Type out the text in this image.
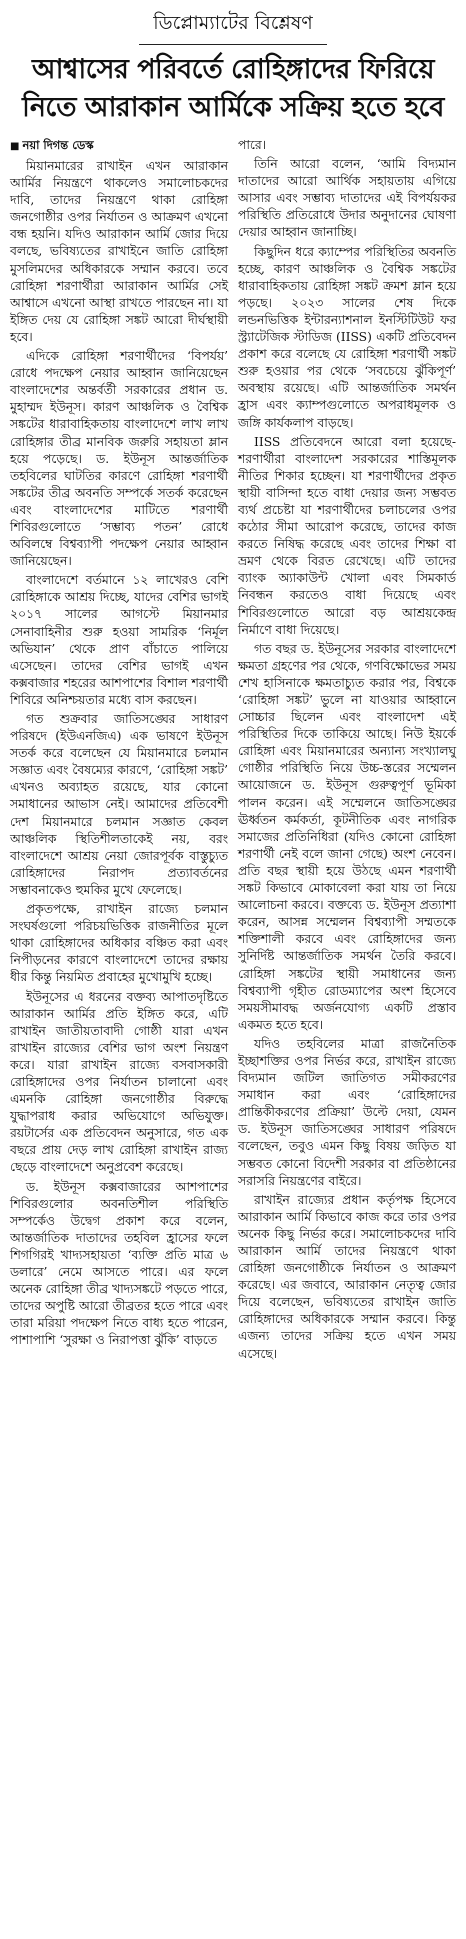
ডিপ্লোম্যাটের বিশ্লেষণ
আশ্বাসের পরিবর্তে রোহিঙ্গাদের ফিরিয়ে
নিতে আরাকান আর্মিকে সক্রিয় হতে হবে
■ নয়া দিগন্ত ডেস্ক

মিয়ানমারের রাখাইন এখন আরাকান আর্মির নিয়ন্ত্রণে থাকলেও সমালোচকদের দাবি, তাদের নিয়ন্ত্রণে থাকা রোহিঙ্গা জনগোষ্ঠীর ওপর নির্যাতন ও আক্রমণ এখনো বন্ধ হয়নি। যদিও আরাকান আর্মি জোর দিয়ে বলছে, ভবিষ্যতের রাখাইনে জাতি রোহিঙ্গা মুসলিমদের অধিকারকে সম্মান করবে। তবে রোহিঙ্গা শরণার্থীরা আরাকান আর্মির সেই আশ্বাসে এখনো আস্থা রাখতে পারছেন না। যা ইঙ্গিত দেয় যে রোহিঙ্গা সঙ্কট আরো দীর্ঘস্থায়ী হবে।

এদিকে রোহিঙ্গা শরণার্থীদের ‘বিপর্যয়’ রোধে পদক্ষেপ নেয়ার আহ্বান জানিয়েছেন বাংলাদেশের অন্তর্বর্তী সরকারের প্রধান ড. মুহাম্মদ ইউনূস। কারণ আঞ্চলিক ও বৈশ্বিক সঙ্কটের ধারাবাহিকতায় বাংলাদেশে লাখ লাখ রোহিঙ্গার তীব্র মানবিক জরুরি সহায়তা ম্লান হয়ে পড়েছে। ড. ইউনূস আন্তর্জাতিক তহবিলের ঘাটতির কারণে রোহিঙ্গা শরণার্থী সঙ্কটের তীব্র অবনতি সম্পর্কে সতর্ক করেছেন এবং বাংলাদেশের মাটিতে শরণার্থী শিবিরগুলোতে ‘সম্ভাব্য পতন’ রোধে অবিলম্বে বিশ্বব্যাপী পদক্ষেপ নেয়ার আহ্বান জানিয়েছেন।

বাংলাদেশে বর্তমানে ১২ লাখেরও বেশি রোহিঙ্গাকে আশ্রয় দিচ্ছে, যাদের বেশির ভাগই ২০১৭ সালের আগস্টে মিয়ানমার সেনাবাহিনীর শুরু হওয়া সামরিক ‘নির্মূল অভিযান’ থেকে প্রাণ বাঁচাতে পালিয়ে এসেছেন। তাদের বেশির ভাগই এখন কক্সবাজার শহরের আশপাশের বিশাল শরণার্থী শিবিরে অনিশ্চয়তার মধ্যে বাস করছেন।

গত শুক্রবার জাতিসঙ্ঘের সাধারণ পরিষদে (ইউএনজিএ) এক ভাষণে ইউনূস সতর্ক করে বলেছেন যে মিয়ানমারে চলমান সজ্ঞাত এবং বৈষম্যের কারণে, ‘রোহিঙ্গা সঙ্কট’ এখনও অব্যাহত রয়েছে, যার কোনো সমাধানের আভাস নেই। আমাদের প্রতিবেশী দেশ মিয়ানমারে চলমান সজ্ঞাত কেবল আঞ্চলিক স্থিতিশীলতাকেই নয়, বরং বাংলাদেশে আশ্রয় নেয়া জোরপূর্বক বাস্তুচ্যুত রোহিঙ্গাদের নিরাপদ প্রত্যাবর্তনের সম্ভাবনাকেও হুমকির মুখে ফেলেছে।

প্রকৃতপক্ষে, রাখাইন রাজ্যে চলমান সংঘর্ষগুলো পরিচয়ভিত্তিক রাজনীতির মূলে থাকা রোহিঙ্গাদের অধিকার বঞ্চিত করা এবং নিপীড়নের কারণে বাংলাদেশে তাদের রক্ষায় ধীর কিন্তু নিয়মিত প্রবাহের মুখোমুখি হচ্ছে।

ইউনূসের এ ধরনের বক্তব্য আপাতদৃষ্টিতে আরাকান আর্মির প্রতি ইঙ্গিত করে, এটি রাখাইন জাতীয়তাবাদী গোষ্ঠী যারা এখন রাখাইন রাজ্যের বেশির ভাগ অংশ নিয়ন্ত্রণ করে। যারা রাখাইন রাজ্যে বসবাসকারী রোহিঙ্গাদের ওপর নির্যাতন চালানো এবং এমনকি রোহিঙ্গা জনগোষ্ঠীর বিরুদ্ধে যুদ্ধাপরাধ করার অভিযোগে অভিযুক্ত। রয়টার্সের এক প্রতিবেদন অনুসারে, গত এক বছরে প্রায় দেড় লাখ রোহিঙ্গা রাখাইন রাজ্য ছেড়ে বাংলাদেশে অনুপ্রবেশ করেছে।

ড. ইউনূস কক্সবাজারের আশপাশের শিবিরগুলোর অবনতিশীল পরিস্থিতি সম্পর্কেও উদ্বেগ প্রকাশ করে বলেন, আন্তর্জাতিক দাতাদের তহবিল হ্রাসের ফলে শিগগিরই খাদ্যসহায়তা ‘ব্যক্তি প্রতি মাত্র ৬ ডলারে’ নেমে আসতে পারে। এর ফলে অনেক রোহিঙ্গা তীব্র খাদ্যসঙ্কটে পড়তে পারে, তাদের অপুষ্টি আরো তীব্রতর হতে পারে এবং তারা মরিয়া পদক্ষেপ নিতে বাধ্য হতে পারেন, পাশাপাশি ‘সুরক্ষা ও নিরাপত্তা ঝুঁকি’ বাড়তে

পারে।

তিনি আরো বলেন, ‘আমি বিদ্যমান দাতাদের আরো আর্থিক সহায়তায় এগিয়ে আসার এবং সম্ভাব্য দাতাদের এই বিপর্যয়কর পরিস্থিতি প্রতিরোধে উদার অনুদানের ঘোষণা দেয়ার আহ্বান জানাচ্ছি।

কিছুদিন ধরে ক্যাম্পের পরিস্থিতির অবনতি হচ্ছে, কারণ আঞ্চলিক ও বৈশ্বিক সঙ্কটের ধারাবাহিকতায় রোহিঙ্গা সঙ্কট ক্রমশ ম্লান হয়ে পড়ছে। ২০২৩ সালের শেষ দিকে লন্ডনভিত্তিক ইন্টারন্যাশনাল ইনস্টিটিউট ফর স্ট্র্যাটেজিক স্টাডিজ (IISS) একটি প্রতিবেদন প্রকাশ করে বলেছে যে রোহিঙ্গা শরণার্থী সঙ্কট শুরু হওয়ার পর থেকে ‘সবচেয়ে ঝুঁকিপূর্ণ’ অবস্থায় রয়েছে। এটি আন্তর্জাতিক সমর্থন হ্রাস এবং ক্যাম্পগুলোতে অপরাধমূলক ও জঙ্গি কার্যকলাপ বাড়ছে।

IISS প্রতিবেদনে আরো বলা হয়েছে- শরণার্থীরা বাংলাদেশ সরকারের শাস্তিমূলক নীতির শিকার হচ্ছেন। যা শরণার্থীদের প্রকৃত স্থায়ী বাসিন্দা হতে বাধা দেয়ার জন্য সম্ভবত ব্যর্থ প্রচেষ্টা যা শরণার্থীদের চলাচলের ওপর কঠোর সীমা আরোপ করেছে, তাদের কাজ করতে নিষিদ্ধ করেছে এবং তাদের শিক্ষা বা ভ্রমণ থেকে বিরত রেখেছে। এটি তাদের ব্যাংক অ্যাকাউন্ট খোলা এবং সিমকার্ড নিবন্ধন করতেও বাধা দিয়েছে এবং শিবিরগুলোতে আরো বড় আশ্রয়কেন্দ্র নির্মাণে বাধা দিয়েছে।

গত বছর ড. ইউনূসের সরকার বাংলাদেশে ক্ষমতা গ্রহণের পর থেকে, গণবিক্ষোভের সময় শেখ হাসিনাকে ক্ষমতাচ্যুত করার পর, বিশ্বকে ‘রোহিঙ্গা সঙ্কট’ ভুলে না যাওয়ার আহ্বানে সোচ্চার ছিলেন এবং বাংলাদেশ এই পরিস্থিতির দিকে তাকিয়ে আছে। নিউ ইয়র্কে রোহিঙ্গা এবং মিয়ানমারের অন্যান্য সংখ্যালঘু গোষ্ঠীর পরিস্থিতি নিয়ে উচ্চ-স্তরের সম্মেলন আয়োজনে ড. ইউনূস গুরুত্বপূর্ণ ভূমিকা পালন করেন। এই সম্মেলনে জাতিসঙ্ঘের ঊর্ধ্বতন কর্মকর্তা, কূটনীতিক এবং নাগরিক সমাজের প্রতিনিধিরা (যদিও কোনো রোহিঙ্গা শরণার্থী নেই বলে জানা গেছে) অংশ নেবেন। প্রতি বছর স্থায়ী হয়ে উঠছে এমন শরণার্থী সঙ্কট কিভাবে মোকাবেলা করা যায় তা নিয়ে আলোচনা করবে। বক্তব্যে ড. ইউনূস প্রত্যাশা করেন, আসন্ন সম্মেলন বিশ্বব্যাপী সম্মতকে শক্তিশালী করবে এবং রোহিঙ্গাদের জন্য সুনির্দিষ্ট আন্তর্জাতিক সমর্থন তৈরি করবে। রোহিঙ্গা সঙ্কটের স্থায়ী সমাধানের জন্য বিশ্বব্যাপী গৃহীত রোডম্যাপের অংশ হিসেবে সময়সীমাবদ্ধ অর্জনযোগ্য একটি প্রস্তাব একমত হতে হবে।

যদিও তহবিলের মাত্রা রাজনৈতিক ইচ্ছাশক্তির ওপর নির্ভর করে, রাখাইন রাজ্যে বিদ্যমান জটিল জাতিগত সমীকরণের সমাধান করা এবং ‘রোহিঙ্গাদের প্রান্তিকীকরণের প্রক্রিয়া’ উল্টে দেয়া, যেমন ড. ইউনূস জাতিসঙ্ঘের সাধারণ পরিষদে বলেছেন, তবুও এমন কিছু বিষয় জড়িত যা সম্ভবত কোনো বিদেশী সরকার বা প্রতিষ্ঠানের সরাসরি নিয়ন্ত্রণের বাইরে।

রাখাইন রাজ্যের প্রধান কর্তৃপক্ষ হিসেবে আরাকান আর্মি কিভাবে কাজ করে তার ওপর অনেক কিছু নির্ভর করে। সমালোচকদের দাবি আরাকান আর্মি তাদের নিয়ন্ত্রণে থাকা রোহিঙ্গা জনগোষ্ঠীকে নির্যাতন ও আক্রমণ করেছে। এর জবাবে, আরাকান নেতৃত্ব জোর দিয়ে বলেছেন, ভবিষ্যতের রাখাইন জাতি রোহিঙ্গাদের অধিকারকে সম্মান করবে। কিন্তু এজন্য তাদের সক্রিয় হতে এখন সময় এসেছে।
